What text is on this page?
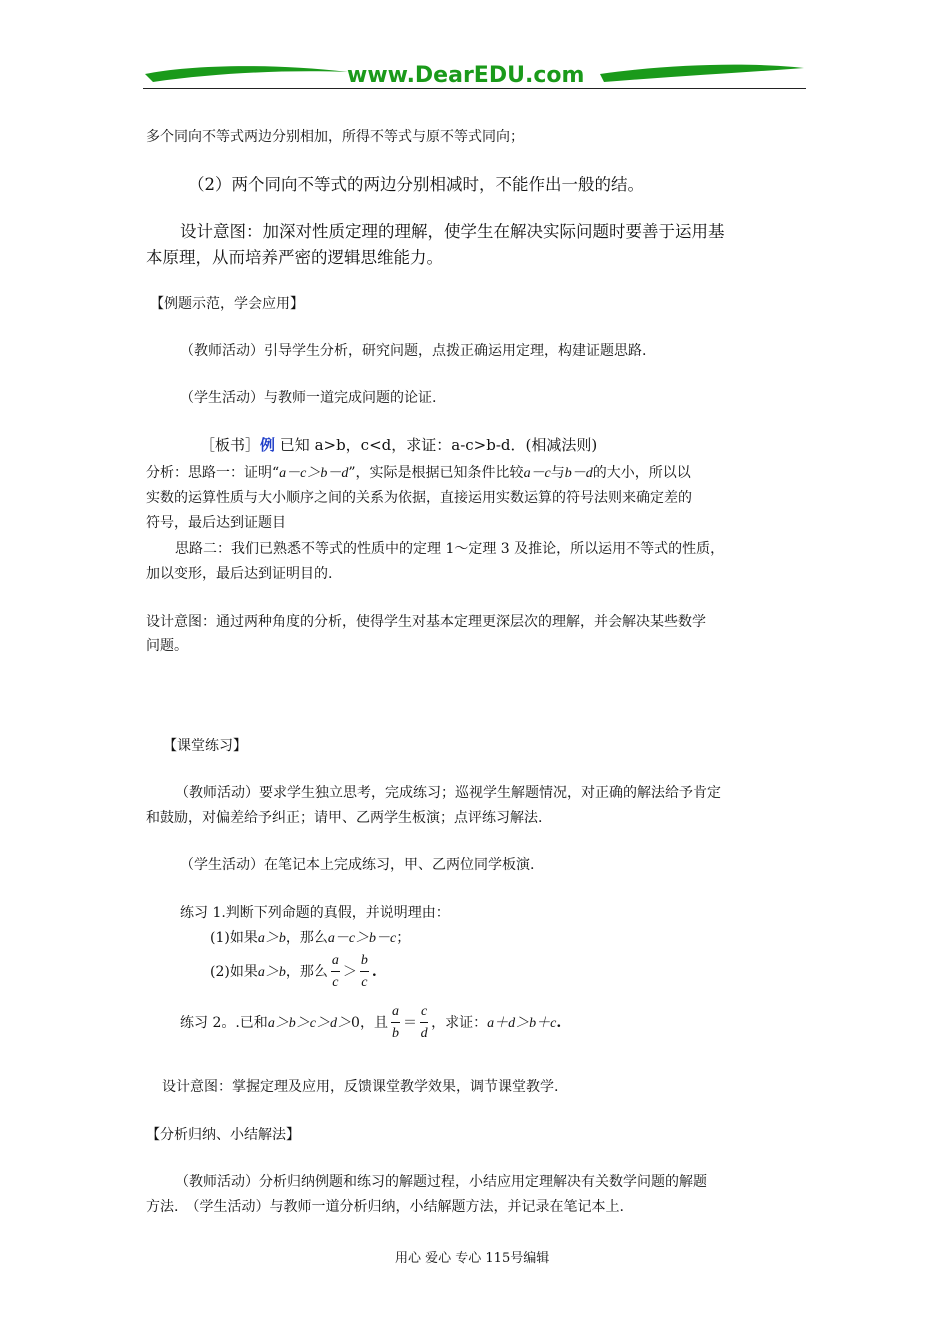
www.DearEDU.com
多个同向不等式两边分别相加，所得不等式与原不等式同向；
（2）两个同向不等式的两边分别相减时，不能作出一般的结。
设计意图：加深对性质定理的理解，使学生在解决实际问题时要善于运用基
本原理，从而培养严密的逻辑思维能力。
【例题示范，学会应用】
（教师活动）引导学生分析，研究问题，点拨正确运用定理，构建证题思路.
（学生活动）与教师一道完成问题的论证.
［板书］例 已知 a>b，c<d，求证：a-c>b-d．(相减法则)
分析：思路一：证明“a－c＞b－d”，实际是根据已知条件比较a－c与b－d的大小，所以以
实数的运算性质与大小顺序之间的关系为依据，直接运用实数运算的符号法则来确定差的
符号，最后达到证题目
思路二：我们已熟悉不等式的性质中的定理 1～定理 3 及推论，所以运用不等式的性质，
加以变形，最后达到证明目的.
设计意图：通过两种角度的分析，使得学生对基本定理更深层次的理解，并会解决某些数学
问题。
【课堂练习】
（教师活动）要求学生独立思考，完成练习；巡视学生解题情况，对正确的解法给予肯定
和鼓励，对偏差给予纠正；请甲、乙两学生板演；点评练习解法.
（学生活动）在笔记本上完成练习，甲、乙两位同学板演.
练习 1.判断下列命题的真假，并说明理由：
(1)如果a＞b，那么a－c＞b－c；
(2)如果a＞b，那么 $\frac{a}{c} > \frac{b}{c}$ .
练习 2。.已和a＞b＞c＞d＞0，且 $\frac{a}{b} = \frac{c}{d}$ ，求证：a＋d＞b＋c.
设计意图：掌握定理及应用，反馈课堂教学效果，调节课堂教学.
【分析归纳、小结解法】
（教师活动）分析归纳例题和练习的解题过程，小结应用定理解决有关数学问题的解题
方法.　（学生活动）与教师一道分析归纳，小结解题方法，并记录在笔记本上.
用心 爱心 专心 115号编辑
